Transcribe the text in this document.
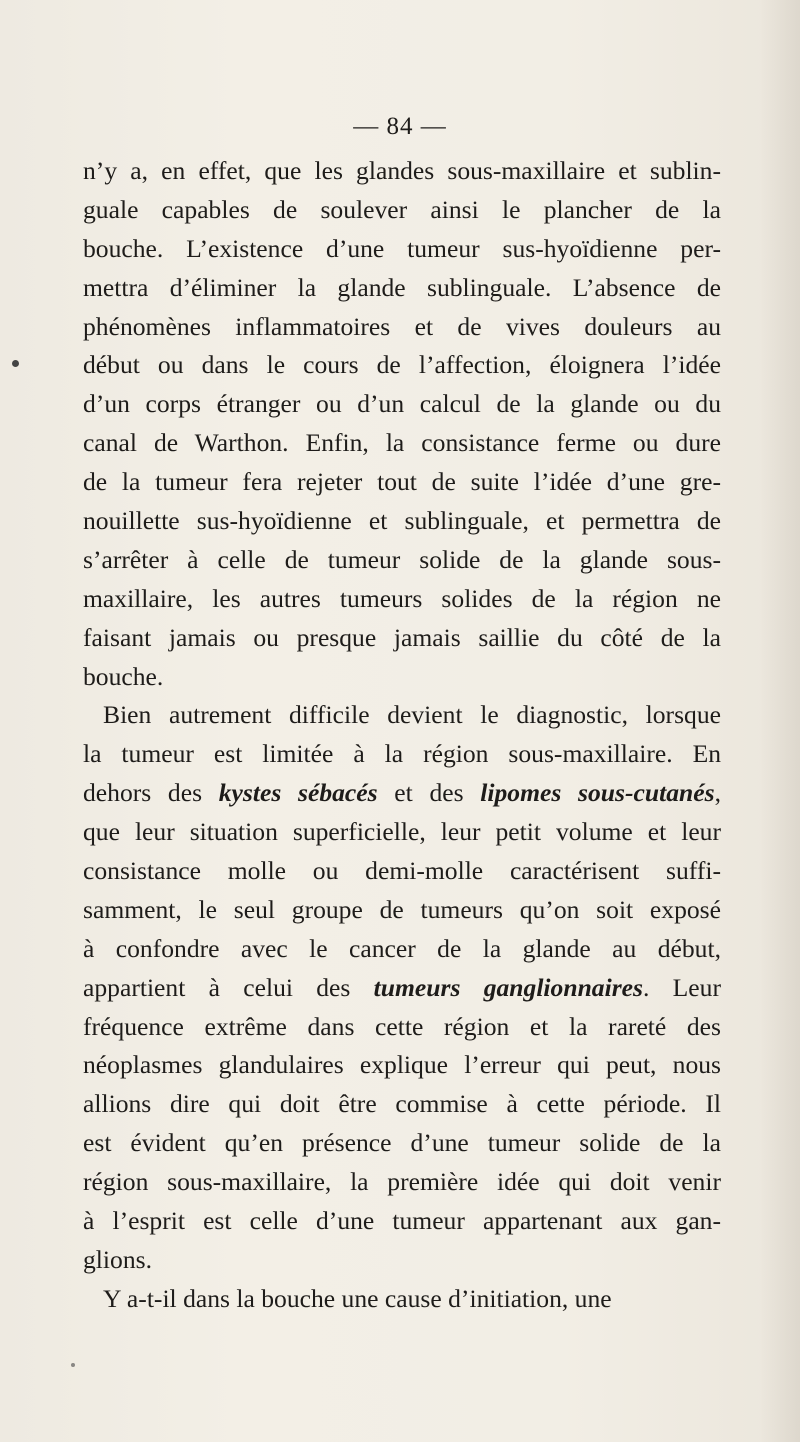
— 84 —
n’y a, en effet, que les glandes sous-maxillaire et sublin-
guale capables de soulever ainsi le plancher de la
bouche. L’existence d’une tumeur sus-hyoïdienne per-
mettra d’éliminer la glande sublinguale. L’absence de
phénomènes inflammatoires et de vives douleurs au
début ou dans le cours de l’affection, éloignera l’idée
d’un corps étranger ou d’un calcul de la glande ou du
canal de Warthon. Enfin, la consistance ferme ou dure
de la tumeur fera rejeter tout de suite l’idée d’une gre-
nouillette sus-hyoïdienne et sublinguale, et permettra de
s’arrêter à celle de tumeur solide de la glande sous-
maxillaire, les autres tumeurs solides de la région ne
faisant jamais ou presque jamais saillie du côté de la
bouche.
Bien autrement difficile devient le diagnostic, lorsque
la tumeur est limitée à la région sous-maxillaire. En
dehors des kystes sébacés et des lipomes sous-cutanés,
que leur situation superficielle, leur petit volume et leur
consistance molle ou demi-molle caractérisent suffi-
samment, le seul groupe de tumeurs qu’on soit exposé
à confondre avec le cancer de la glande au début,
appartient à celui des tumeurs ganglionnaires. Leur
fréquence extrême dans cette région et la rareté des
néoplasmes glandulaires explique l’erreur qui peut, nous
allions dire qui doit être commise à cette période. Il
est évident qu’en présence d’une tumeur solide de la
région sous-maxillaire, la première idée qui doit venir
à l’esprit est celle d’une tumeur appartenant aux gan-
glions.
Y a-t-il dans la bouche une cause d’initiation, une
